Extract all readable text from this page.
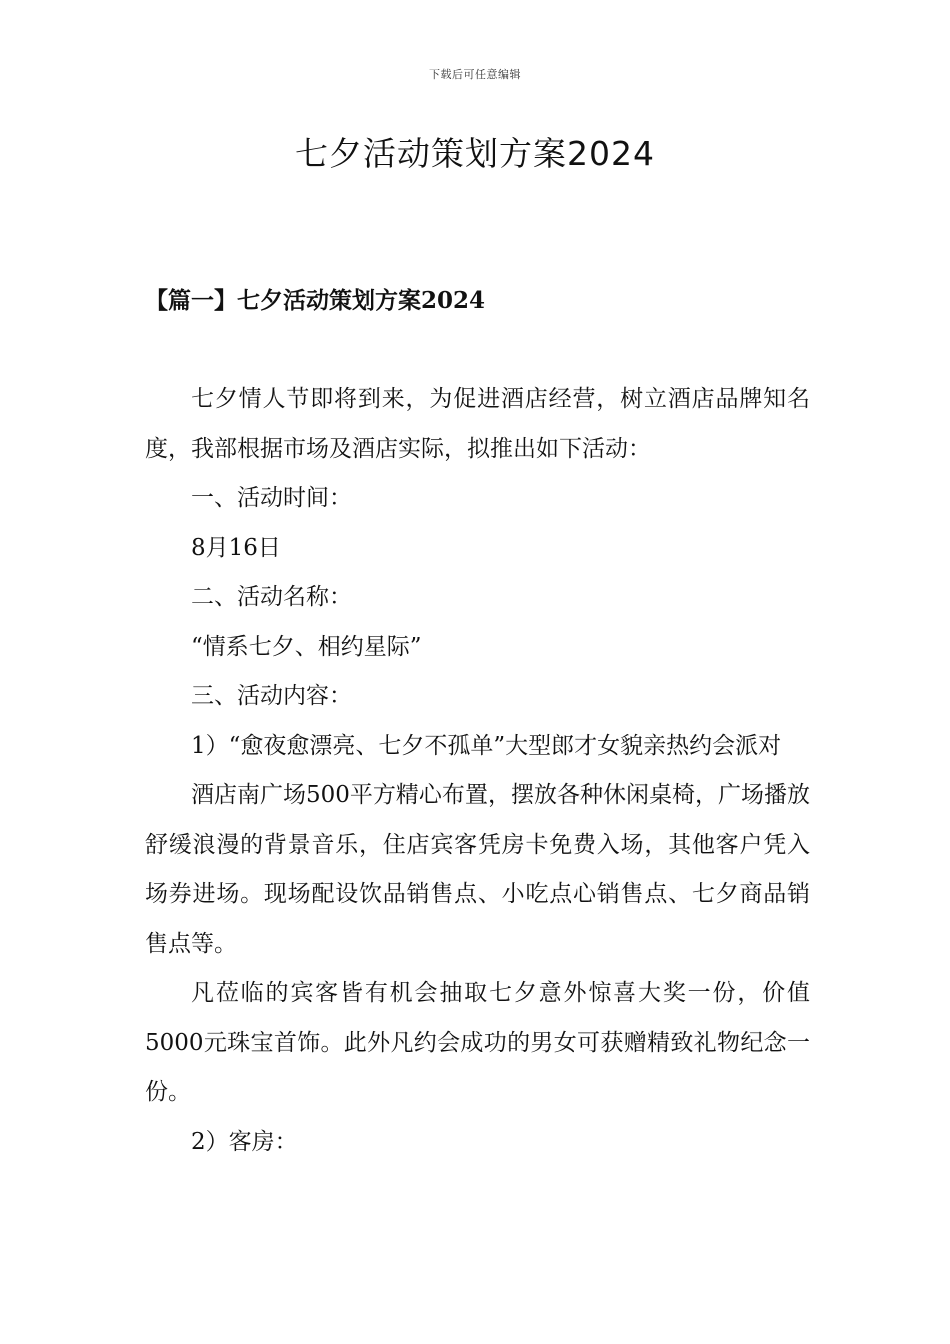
下载后可任意编辑
七夕活动策划方案2024
【篇一】七夕活动策划方案2024

七夕情人节即将到来，为促进酒店经营，树立酒店品牌知名度，我部根据市场及酒店实际，拟推出如下活动：

一、活动时间：

8月16日

二、活动名称：

“情系七夕、相约星际”

三、活动内容：

1）“愈夜愈漂亮、七夕不孤单”大型郎才女貌亲热约会派对

酒店南广场500平方精心布置，摆放各种休闲桌椅，广场播放舒缓浪漫的背景音乐，住店宾客凭房卡免费入场，其他客户凭入场券进场。现场配设饮品销售点、小吃点心销售点、七夕商品销售点等。

凡莅临的宾客皆有机会抽取七夕意外惊喜大奖一份，价值5000元珠宝首饰。此外凡约会成功的男女可获赠精致礼物纪念一份。

2）客房：
